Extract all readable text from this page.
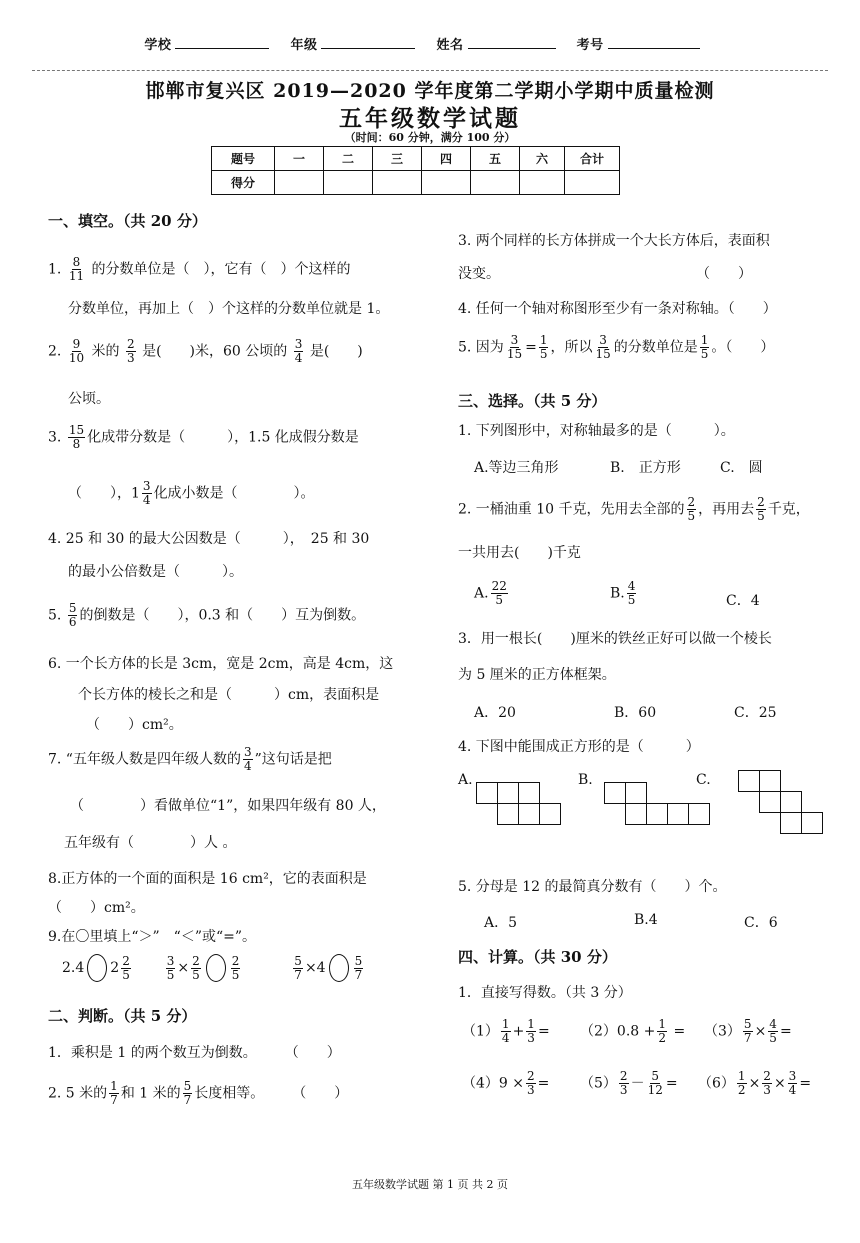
学校	年级	姓名	考号
邯郸市复兴区 2019—2020 学年度第二学期小学期中质量检测
五年级数学试题
（时间：60 分钟，满分 100 分）
题号	一	二	三	四	五	六	合计
得分							
一、填空。（共 20 分）
1. $\frac{8}{11}$ 的分数单位是（　），它有（　）个这样的
分数单位，再加上（　）个这样的分数单位就是 1。
2. $\frac{9}{10}$ 米的 $\frac{2}{3}$ 是(　　)米，60 公顷的 $\frac{3}{4}$ 是(　　)
公顷。
3. $\frac{15}{8}$ 化成带分数是（　　　），1.5 化成假分数是
（　　），$1 \frac{3}{4}$ 化成小数是（　　　　）。
4. 25 和 30 的最大公因数是（　　　），　25 和 30
的最小公倍数是（　　　）。
5. $\frac{5}{6}$ 的倒数是（　　），0.3 和（　　）互为倒数。
6. 一个长方体的长是 3cm，宽是 2cm，高是 4cm，这
个长方体的棱长之和是（　　　）cm，表面积是
（　　）cm²。
7. “五年级人数是四年级人数的 $\frac{3}{4}$ ”这句话是把
（　　　　）看做单位“1”，如果四年级有 80 人，
五年级有（　　　　）人 。
8.正方体的一个面的面积是 16 cm²，它的表面积是
（　　）cm²。
9.在〇里填上“＞”　“＜”或“=”。
2.4 $2 \frac{2}{5}$
	$\frac{3}{5} \times \frac{2}{5}$	$\frac{2}{5}$
	$\frac{5}{7} \times 4 \frac{5}{7}$
二、判断。（共 5 分）
1．乘积是 1 的两个数互为倒数。　　　（　　）
2. 5 米的 $\frac{1}{7}$ 和 1 米的 $\frac{5}{7}$ 长度相等。　　　（　　）
3. 两个同样的长方体拼成一个大长方体后，表面积
没变。　　　　　　　　　　　　　　　（　　）
4. 任何一个轴对称图形至少有一条对称轴。（　　）
5. 因为 $\frac{3}{15} = \frac{1}{5}$ ，所以 $\frac{3}{15}$ 的分数单位是 $\frac{1}{5}$ 。（　　）
三、选择。（共 5 分）
1. 下列图形中，对称轴最多的是（　　　）。
A.等边三角形	B.　正方形	C.　圆
2. 一桶油重 10 千克，先用去全部的 $\frac{2}{5}$ ，再用去 $\frac{2}{5}$ 千克，
一共用去(　　)千克
A. $\frac{22}{5}$	B. $\frac{4}{5}$	C．4
3．用一根长(　　)厘米的铁丝正好可以做一个棱长
为 5 厘米的正方体框架。
A．20	B．60	C．25
4. 下图中能围成正方形的是（　　　）
A.	B.	C.
5. 分母是 12 的最简真分数有（　　）个。
A．5	B.4	C．6
四、计算。（共 30 分）
1．直接写得数。（共 3 分）
$(1) \frac{1}{4} + \frac{1}{3} = (2)0.8 + \frac{1}{2} = (3) \frac{5}{7} \times \frac{4}{5}$ =
$(4)9 \times \frac{2}{3} = (5) \frac{2}{3} - \frac{5}{12} = (6) \frac{1}{2} \times \frac{2}{3} \times \frac{3}{4}$ =
五年级数学试题 第 1 页 共 2 页
